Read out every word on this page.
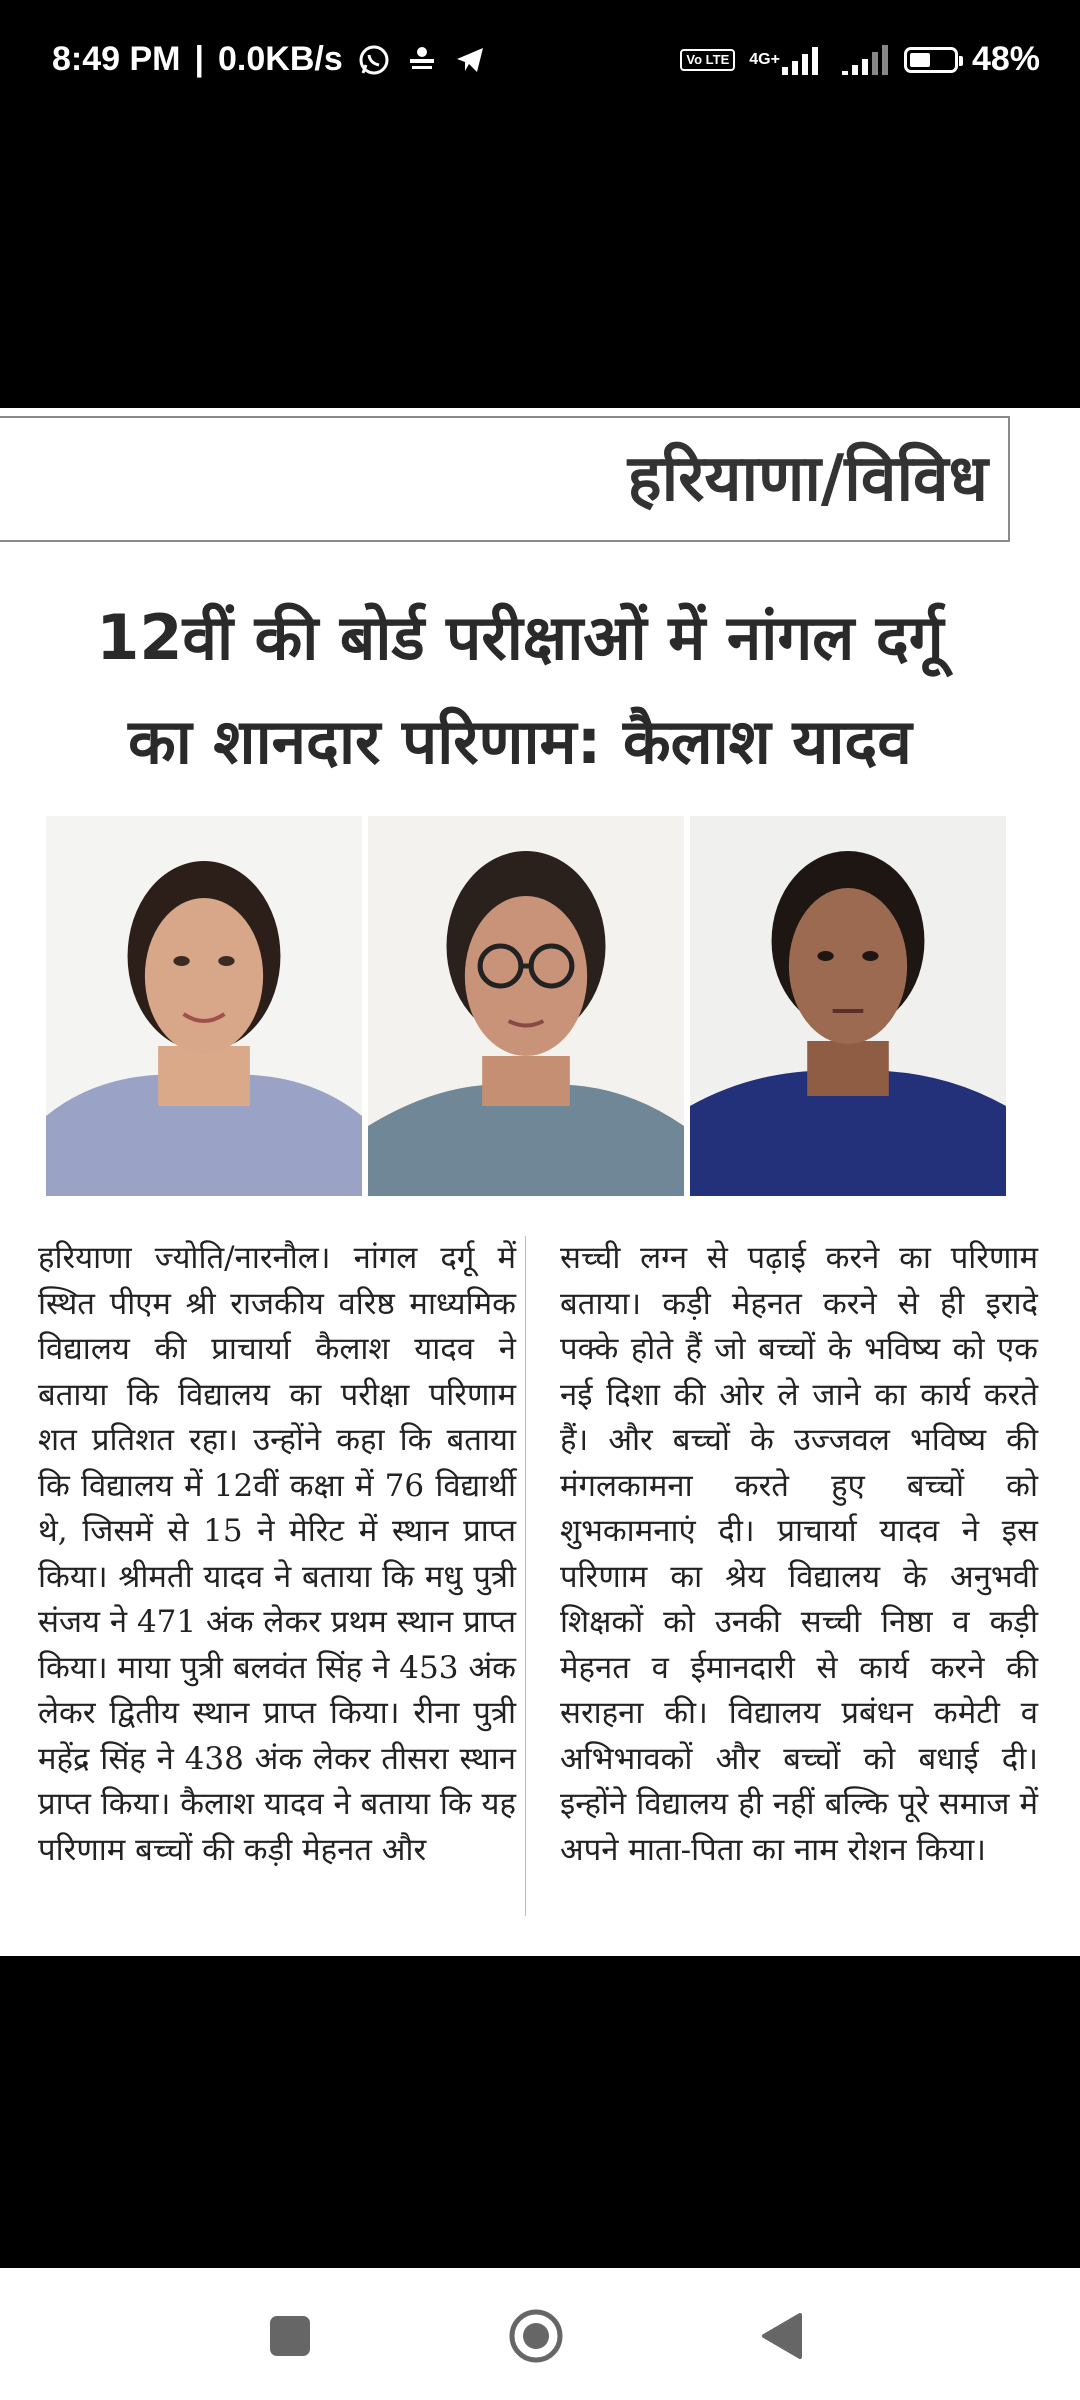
8:49 PM | 0.0KB/s	Vo LTE	4G+	48%
हरियाणा/विविध
12वीं की बोर्ड परीक्षाओं में नांगल दर्गू
का शानदार परिणाम: कैलाश यादव
हरियाणा ज्योति/नारनौल। नांगल दर्गू में स्थित पीएम श्री राजकीय वरिष्ठ माध्यमिक विद्यालय की प्राचार्या कैलाश यादव ने बताया कि विद्यालय का परीक्षा परिणाम शत प्रतिशत रहा। उन्होंने कहा कि बताया कि विद्यालय में 12वीं कक्षा में 76 विद्यार्थी थे, जिसमें से 15 ने मेरिट में स्थान प्राप्त किया। श्रीमती यादव ने बताया कि मधु पुत्री संजय ने 471 अंक लेकर प्रथम स्थान प्राप्त किया। माया पुत्री बलवंत सिंह ने 453 अंक लेकर द्वितीय स्थान प्राप्त किया। रीना पुत्री महेंद्र सिंह ने 438 अंक लेकर तीसरा स्थान प्राप्त किया। कैलाश यादव ने बताया कि यह परिणाम बच्चों की कड़ी मेहनत और
सच्ची लग्न से पढ़ाई करने का परिणाम बताया। कड़ी मेहनत करने से ही इरादे पक्के होते हैं जो बच्चों के भविष्य को एक नई दिशा की ओर ले जाने का कार्य करते हैं। और बच्चों के उज्जवल भविष्य की मंगलकामना करते हुए बच्चों को शुभकामनाएं दी। प्राचार्या यादव ने इस परिणाम का श्रेय विद्यालय के अनुभवी शिक्षकों को उनकी सच्ची निष्ठा व कड़ी मेहनत व ईमानदारी से कार्य करने की सराहना की। विद्यालय प्रबंधन कमेटी व अभिभावकों और बच्चों को बधाई दी। इन्होंने विद्यालय ही नहीं बल्कि पूरे समाज में अपने माता-पिता का नाम रोशन किया।
